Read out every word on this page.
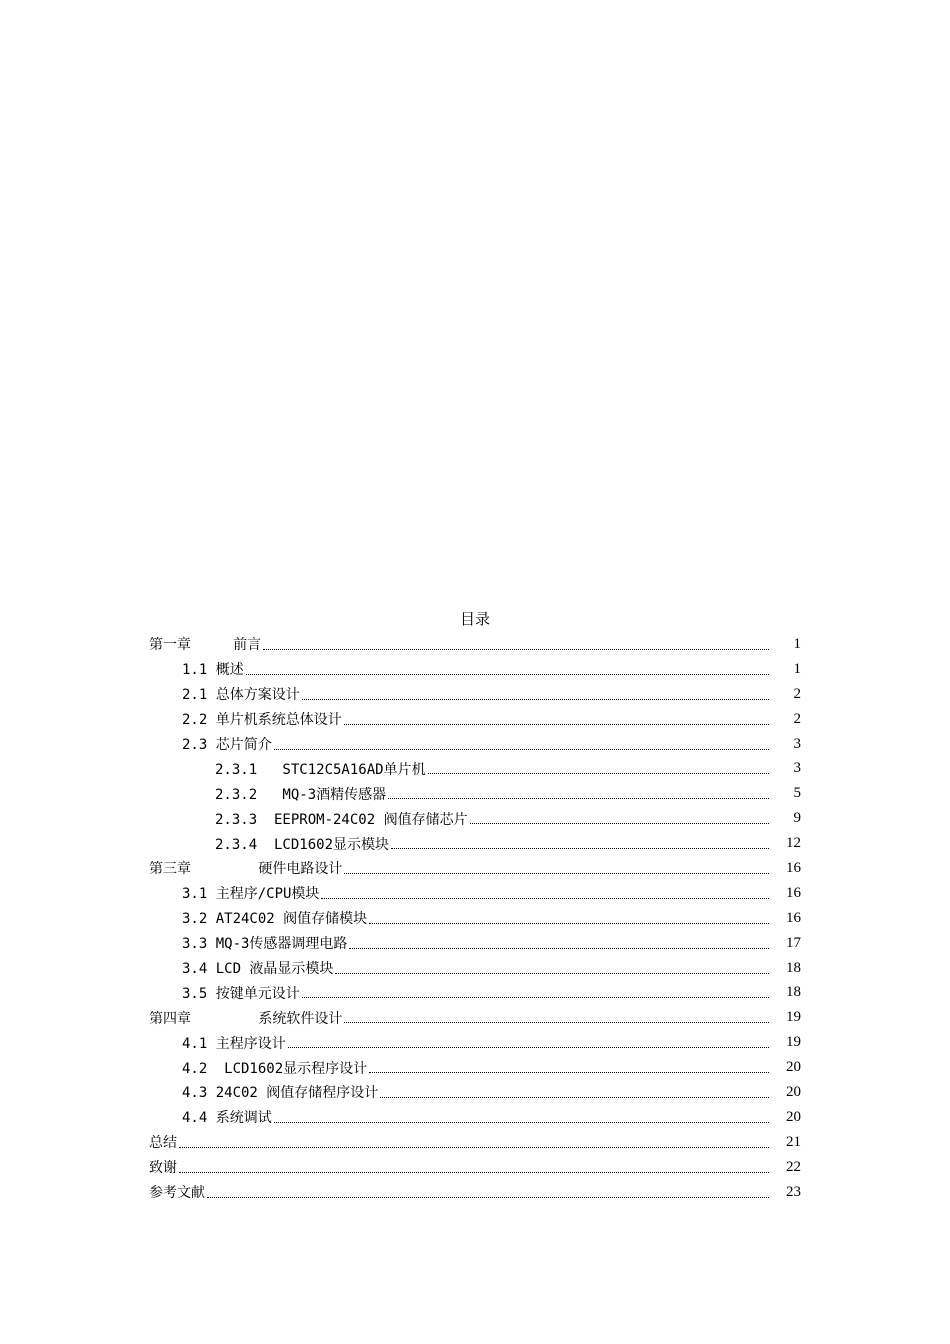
目录
第一章     前言	1
1.1 概述	1
2.1 总体方案设计	2
2.2 单片机系统总体设计	2
2.3 芯片简介	3
2.3.1   STC12C5A16AD单片机	3
2.3.2   MQ-3酒精传感器	5
2.3.3  EEPROM-24C02 阀值存储芯片	9
2.3.4  LCD1602显示模块	12
第三章        硬件电路设计	16
3.1 主程序/CPU模块	16
3.2 AT24C02 阀值存储模块	16
3.3 MQ-3传感器调理电路	17
3.4 LCD 液晶显示模块	18
3.5 按键单元设计	18
第四章        系统软件设计	19
4.1 主程序设计	19
4.2  LCD1602显示程序设计	20
4.3 24C02 阀值存储程序设计	20
4.4 系统调试	20
总结	21
致谢	22
参考文献	23
